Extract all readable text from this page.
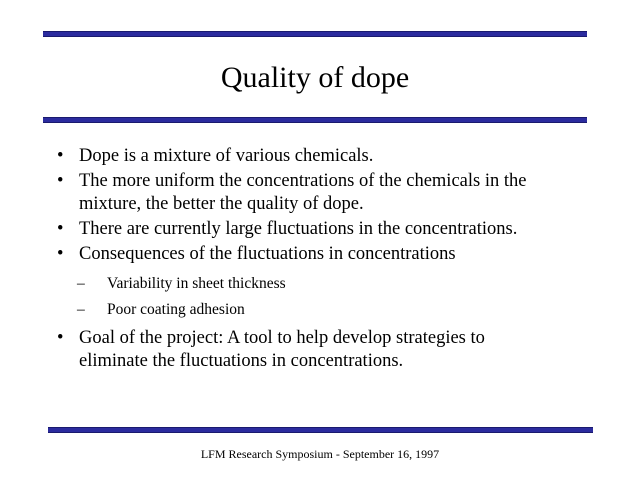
Quality of dope
• Dope is a mixture of various chemicals.
• The more uniform the concentrations of the chemicals in the
mixture, the better the quality of dope.
• There are currently large fluctuations in the concentrations.
• Consequences of the fluctuations in concentrations
– Variability in sheet thickness
– Poor coating adhesion
• Goal of the project: A tool to help develop strategies to
eliminate the fluctuations in concentrations.
LFM Research Symposium - September 16, 1997
